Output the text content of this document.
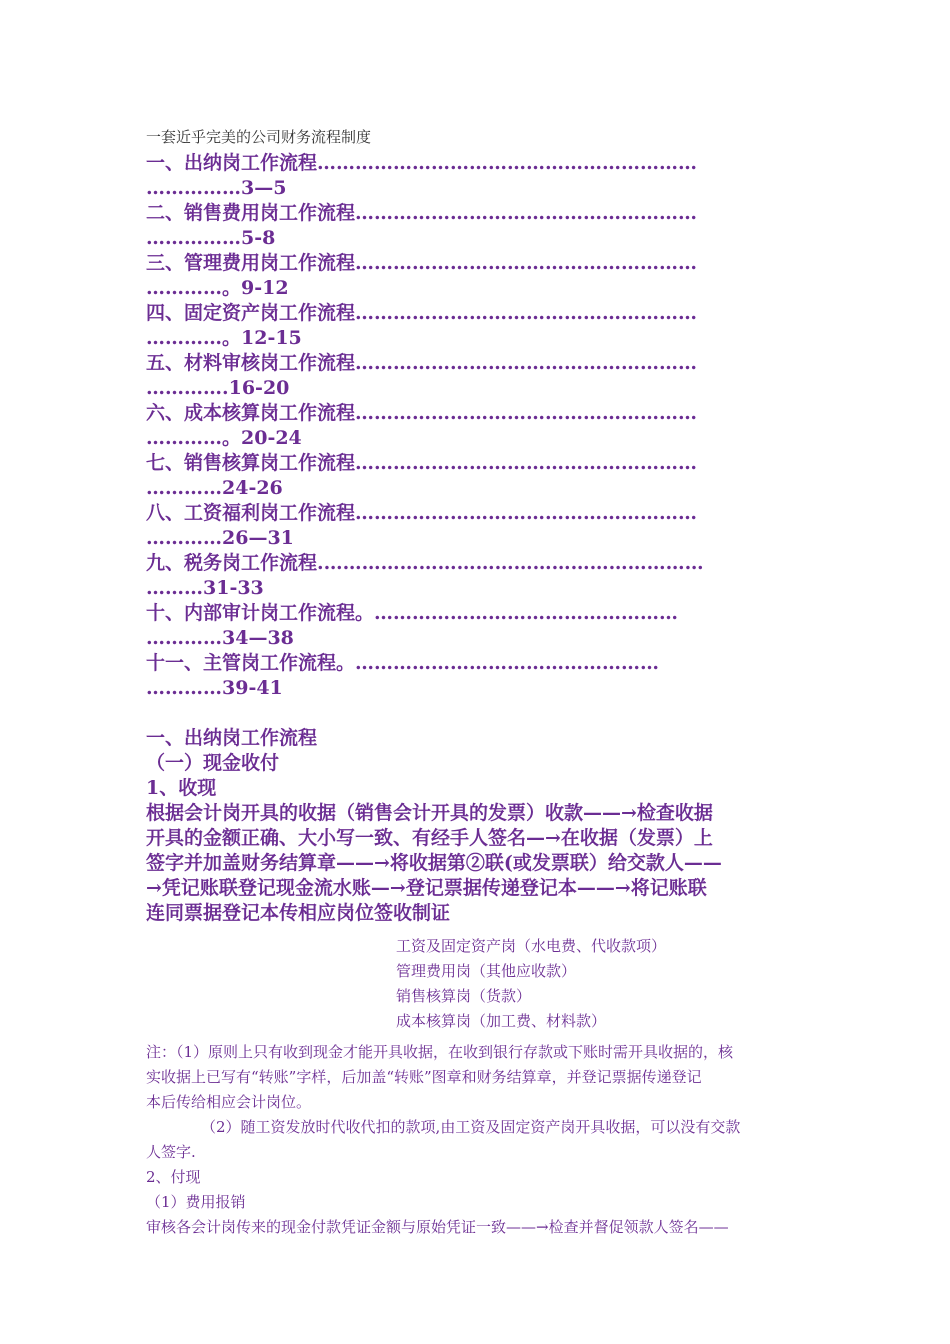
一套近乎完美的公司财务流程制度
一、出纳岗工作流程……………………………………………………
……………3—5
二、销售费用岗工作流程………………………………………………
……………5-8
三、管理费用岗工作流程………………………………………………
…………。9-12
四、固定资产岗工作流程………………………………………………
…………。12-15
五、材料审核岗工作流程………………………………………………
………….16-20
六、成本核算岗工作流程………………………………………………
…………。20-24
七、销售核算岗工作流程………………………………………………
…………24-26
八、工资福利岗工作流程………………………………………………
…………26—31
九、税务岗工作流程.……………………………………………………
………31-33
十、内部审计岗工作流程。…………………………………………
…………34—38
十一、主管岗工作流程。…………………………………………
…………39-41
一、出纳岗工作流程
（一）现金收付
1、收现
根据会计岗开具的收据（销售会计开具的发票）收款——→检查收据
开具的金额正确、大小写一致、有经手人签名—→在收据（发票）上
签字并加盖财务结算章——→将收据第②联(或发票联）给交款人——
→凭记账联登记现金流水账—→登记票据传递登记本——→将记账联
连同票据登记本传相应岗位签收制证
工资及固定资产岗（水电费、代收款项）
管理费用岗（其他应收款）
销售核算岗（货款）
成本核算岗（加工费、材料款）
注：（1）原则上只有收到现金才能开具收据，在收到银行存款或下账时需开具收据的，核
实收据上已写有“转账”字样，后加盖“转账”图章和财务结算章，并登记票据传递登记
本后传给相应会计岗位。
（2）随工资发放时代收代扣的款项,由工资及固定资产岗开具收据，可以没有交款
人签字.
2、付现
（1）费用报销
审核各会计岗传来的现金付款凭证金额与原始凭证一致——→检查并督促领款人签名——
